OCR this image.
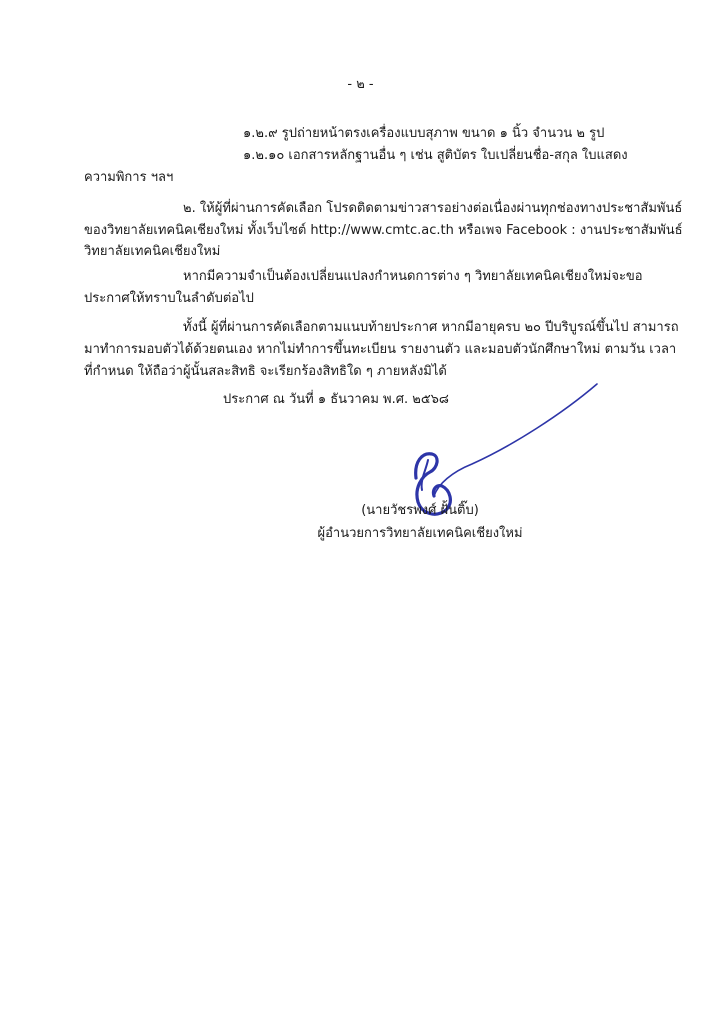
- ๒ -
๑.๒.๙ รูปถ่ายหน้าตรงเครื่องแบบสุภาพ ขนาด ๑ นิ้ว จำนวน ๒ รูป
๑.๒.๑๐ เอกสารหลักฐานอื่น ๆ เช่น สูติบัตร ใบเปลี่ยนชื่อ-สกุล ใบแสดง
ความพิการ ฯลฯ
๒. ให้ผู้ที่ผ่านการคัดเลือก โปรดติดตามข่าวสารอย่างต่อเนื่องผ่านทุกช่องทางประชาสัมพันธ์
ของวิทยาลัยเทคนิคเชียงใหม่ ทั้งเว็บไซต์ http://www.cmtc.ac.th หรือเพจ Facebook : งานประชาสัมพันธ์
วิทยาลัยเทคนิคเชียงใหม่
หากมีความจำเป็นต้องเปลี่ยนแปลงกำหนดการต่าง ๆ วิทยาลัยเทคนิคเชียงใหม่จะขอ
ประกาศให้ทราบในลำดับต่อไป
ทั้งนี้ ผู้ที่ผ่านการคัดเลือกตามแนบท้ายประกาศ หากมีอายุครบ ๒๐ ปีบริบูรณ์ขึ้นไป สามารถ
มาทำการมอบตัวได้ด้วยตนเอง หากไม่ทำการขึ้นทะเบียน รายงานตัว และมอบตัวนักศึกษาใหม่ ตามวัน เวลา
ที่กำหนด ให้ถือว่าผู้นั้นสละสิทธิ จะเรียกร้องสิทธิใด ๆ ภายหลังมิได้
ประกาศ ณ วันที่ ๑ ธันวาคม พ.ศ. ๒๕๖๘
(นายวัชรพงศ์ ฝั้นติ๊บ)
ผู้อำนวยการวิทยาลัยเทคนิคเชียงใหม่
